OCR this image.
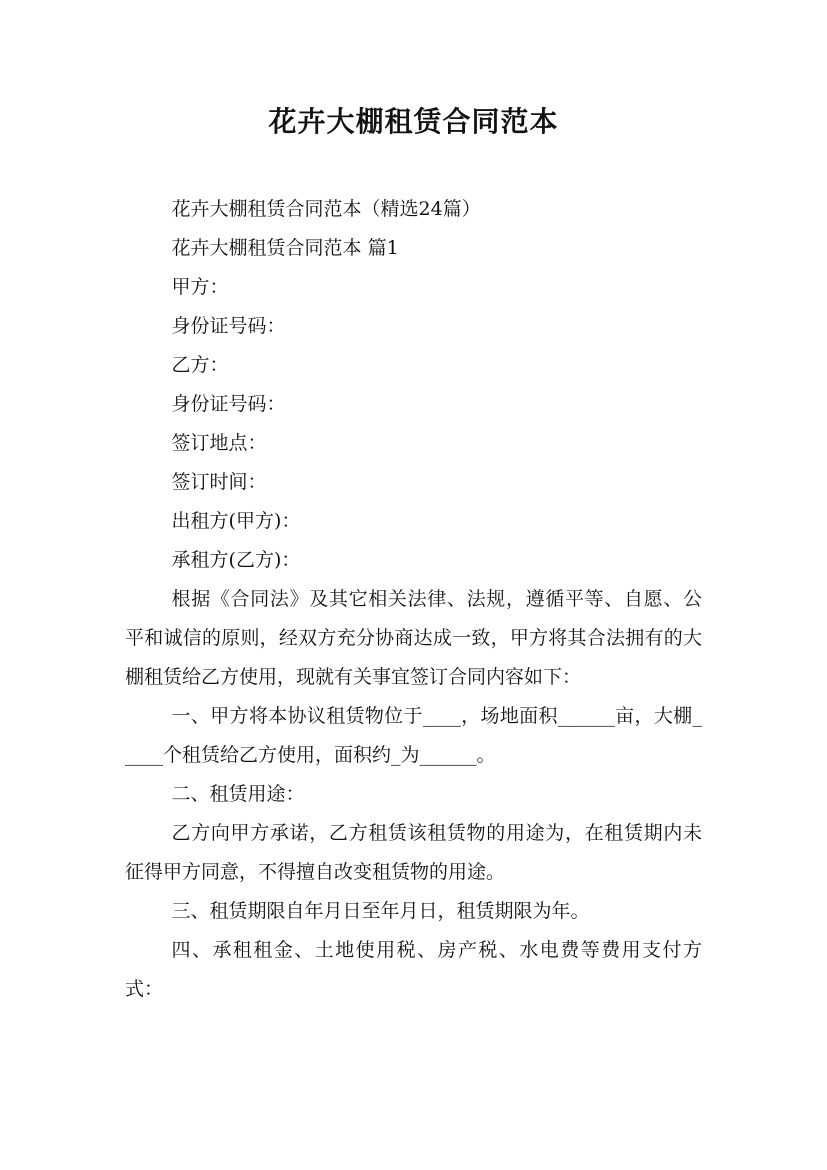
花卉大棚租赁合同范本

花卉大棚租赁合同范本（精选24篇）

花卉大棚租赁合同范本 篇1

甲方：

身份证号码：

乙方：

身份证号码：

签订地点：

签订时间：

出租方(甲方)：

承租方(乙方)：

根据《合同法》及其它相关法律、法规，遵循平等、自愿、公平和诚信的原则，经双方充分协商达成一致，甲方将其合法拥有的大棚租赁给乙方使用，现就有关事宜签订合同内容如下：

一、甲方将本协议租赁物位于____，场地面积______亩，大棚_____个租赁给乙方使用，面积约_为______。

二、租赁用途：

乙方向甲方承诺，乙方租赁该租赁物的用途为，在租赁期内未征得甲方同意，不得擅自改变租赁物的用途。

三、租赁期限自年月日至年月日，租赁期限为年。

四、承租租金、土地使用税、房产税、水电费等费用支付方式：
